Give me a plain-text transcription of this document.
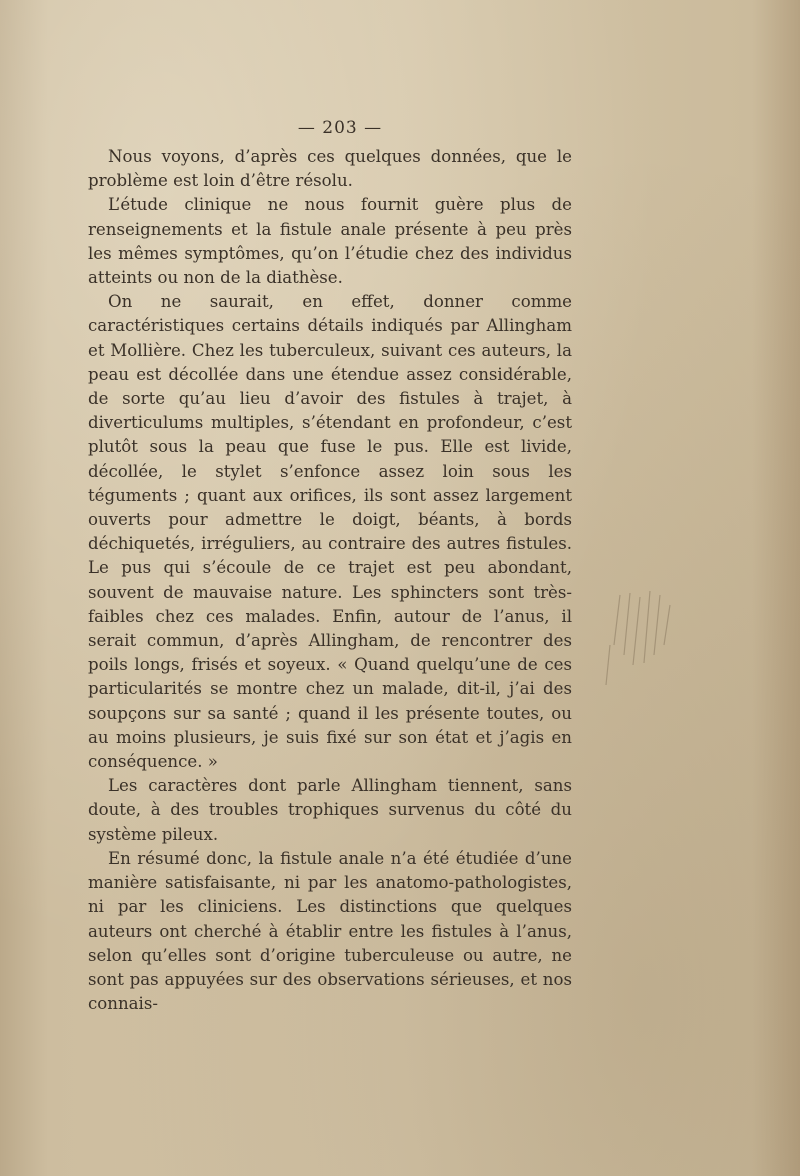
— 203 —

Nous voyons, d’après ces quelques données, que le problème est loin d’être résolu.

L’étude clinique ne nous fournit guère plus de renseignements et la fistule anale présente à peu près les mêmes symptômes, qu’on l’étudie chez des individus atteints ou non de la diathèse.

On ne saurait, en effet, donner comme caractéristiques certains détails indiqués par Allingham et Mollière. Chez les tuberculeux, suivant ces auteurs, la peau est décollée dans une étendue assez considérable, de sorte qu’au lieu d’avoir des fistules à trajet, à diverticulums multiples, s’étendant en profondeur, c’est plutôt sous la peau que fuse le pus. Elle est livide, décollée, le stylet s’enfonce assez loin sous les téguments ; quant aux orifices, ils sont assez largement ouverts pour admettre le doigt, béants, à bords déchiquetés, irréguliers, au contraire des autres fistules. Le pus qui s’écoule de ce trajet est peu abondant, souvent de mauvaise nature. Les sphincters sont très-faibles chez ces malades. Enfin, autour de l’anus, il serait commun, d’après Allingham, de rencontrer des poils longs, frisés et soyeux. « Quand quelqu’une de ces particularités se montre chez un malade, dit-il, j’ai des soupçons sur sa santé ; quand il les présente toutes, ou au moins plusieurs, je suis fixé sur son état et j’agis en conséquence. »

Les caractères dont parle Allingham tiennent, sans doute, à des troubles trophiques survenus du côté du système pileux.

En résumé donc, la fistule anale n’a été étudiée d’une manière satisfaisante, ni par les anatomo-pathologistes, ni par les cliniciens. Les distinctions que quelques auteurs ont cherché à établir entre les fistules à l’anus, selon qu’elles sont d’origine tuberculeuse ou autre, ne sont pas appuyées sur des observations sérieuses, et nos connais-
